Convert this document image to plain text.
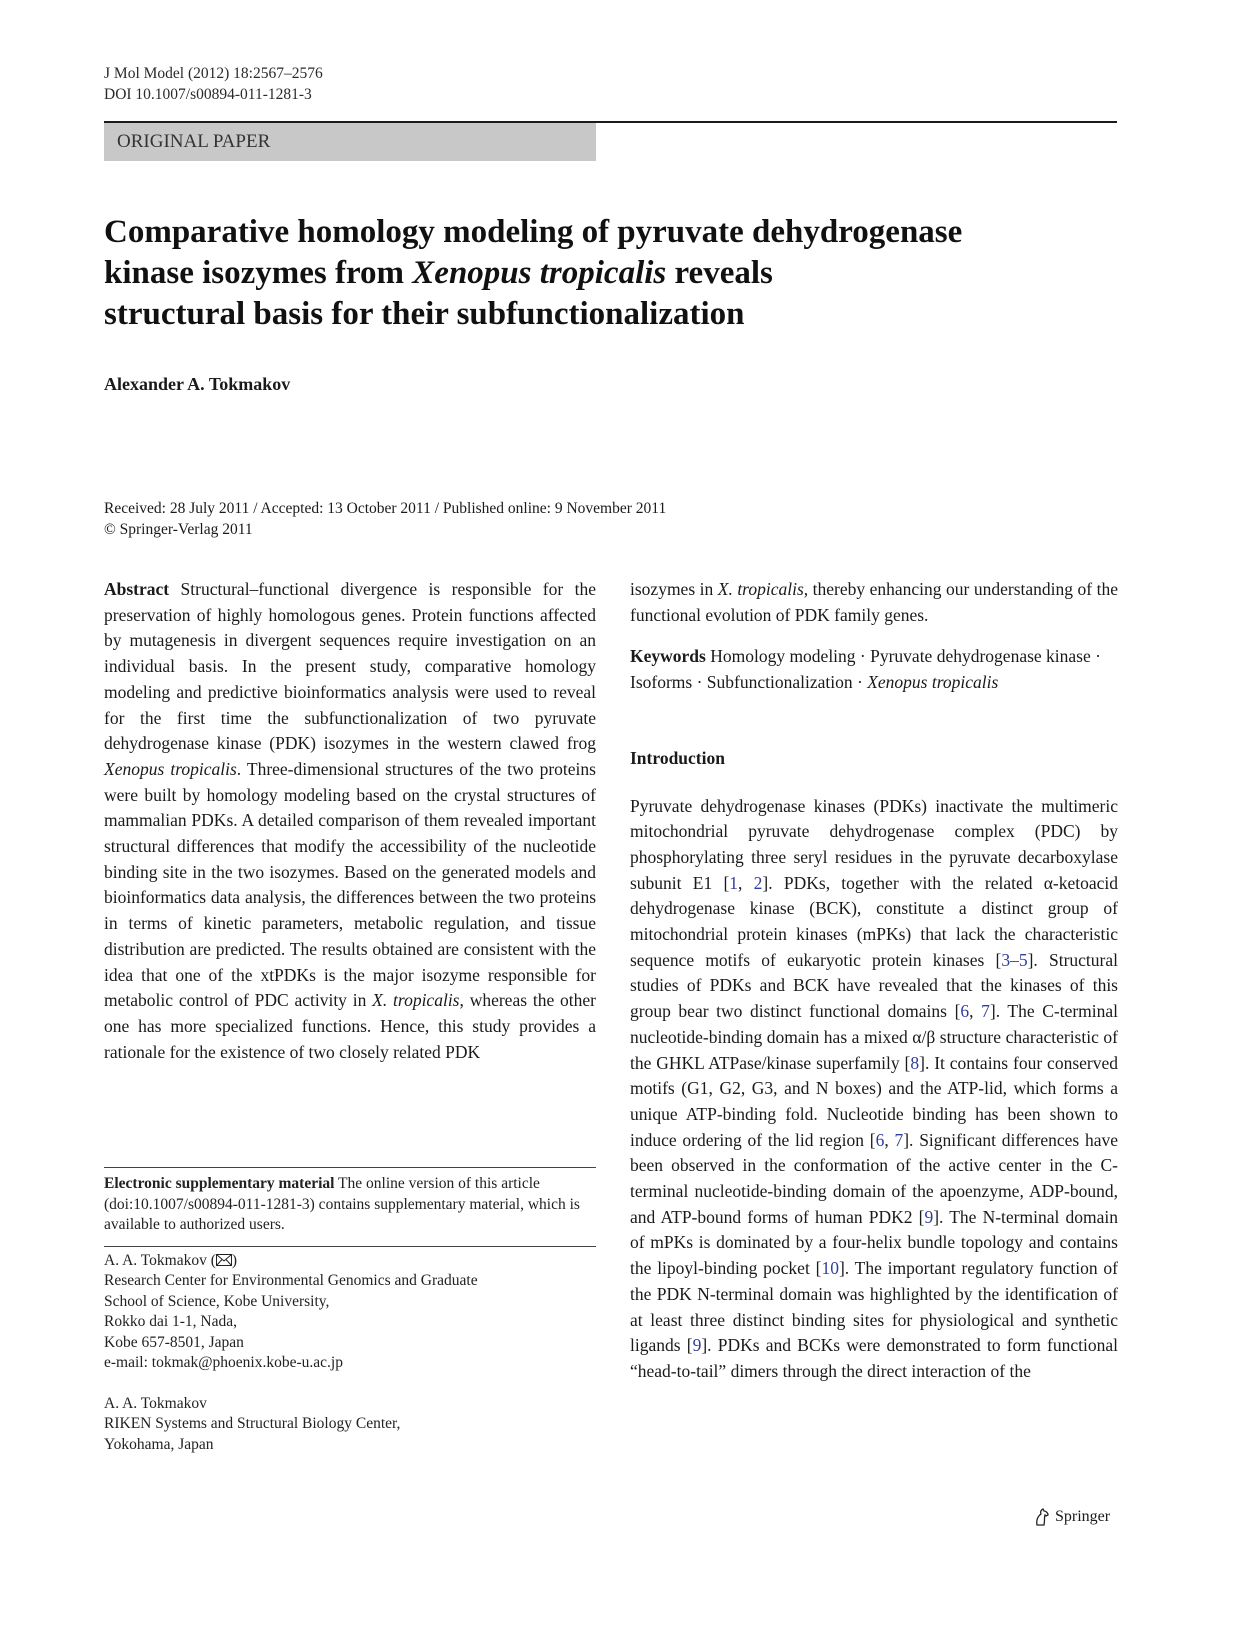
J Mol Model (2012) 18:2567–2576
DOI 10.1007/s00894-011-1281-3
ORIGINAL PAPER
Comparative homology modeling of pyruvate dehydrogenase
kinase isozymes from Xenopus tropicalis reveals
structural basis for their subfunctionalization
Alexander A. Tokmakov
Received: 28 July 2011 / Accepted: 13 October 2011 / Published online: 9 November 2011
© Springer-Verlag 2011

Abstract Structural–functional divergence is responsible for the preservation of highly homologous genes. Protein functions affected by mutagenesis in divergent sequences require investigation on an individual basis. In the present study, comparative homology modeling and predictive bioinformatics analysis were used to reveal for the first time the subfunctionalization of two pyruvate dehydrogenase kinase (PDK) isozymes in the western clawed frog Xenopus tropicalis. Three-dimensional structures of the two proteins were built by homology modeling based on the crystal structures of mammalian PDKs. A detailed comparison of them revealed important structural differences that modify the accessibility of the nucleotide binding site in the two isozymes. Based on the generated models and bioinformatics data analysis, the differences between the two proteins in terms of kinetic parameters, metabolic regulation, and tissue distribution are predicted. The results obtained are consistent with the idea that one of the xtPDKs is the major isozyme responsible for metabolic control of PDC activity in X. tropicalis, whereas the other one has more specialized functions. Hence, this study provides a rationale for the existence of two closely related PDK

Electronic supplementary material The online version of this article (doi:10.1007/s00894-011-1281-3) contains supplementary material, which is available to authorized users.
A. A. Tokmakov ( )
Research Center for Environmental Genomics and Graduate
School of Science, Kobe University,
Rokko dai 1-1, Nada,
Kobe 657-8501, Japan
e-mail: tokmak@phoenix.kobe-u.ac.jp
A. A. Tokmakov
RIKEN Systems and Structural Biology Center,
Yokohama, Japan

isozymes in X. tropicalis, thereby enhancing our understanding of the functional evolution of PDK family genes.

Keywords Homology modeling · Pyruvate dehydrogenase kinase · Isoforms · Subfunctionalization · Xenopus tropicalis

Introduction

Pyruvate dehydrogenase kinases (PDKs) inactivate the multimeric mitochondrial pyruvate dehydrogenase complex (PDC) by phosphorylating three seryl residues in the pyruvate decarboxylase subunit E1 [1, 2]. PDKs, together with the related α-ketoacid dehydrogenase kinase (BCK), constitute a distinct group of mitochondrial protein kinases (mPKs) that lack the characteristic sequence motifs of eukaryotic protein kinases [3–5]. Structural studies of PDKs and BCK have revealed that the kinases of this group bear two distinct functional domains [6, 7]. The C-terminal nucleotide-binding domain has a mixed α/β structure characteristic of the GHKL ATPase/kinase superfamily [8]. It contains four conserved motifs (G1, G2, G3, and N boxes) and the ATP-lid, which forms a unique ATP-binding fold. Nucleotide binding has been shown to induce ordering of the lid region [6, 7]. Significant differences have been observed in the conformation of the active center in the C-terminal nucleotide-binding domain of the apoenzyme, ADP-bound, and ATP-bound forms of human PDK2 [9]. The N-terminal domain of mPKs is dominated by a four-helix bundle topology and contains the lipoyl-binding pocket [10]. The important regulatory function of the PDK N-terminal domain was highlighted by the identification of at least three distinct binding sites for physiological and synthetic ligands [9]. PDKs and BCKs were demonstrated to form functional “head-to-tail” dimers through the direct interaction of the

Springer
